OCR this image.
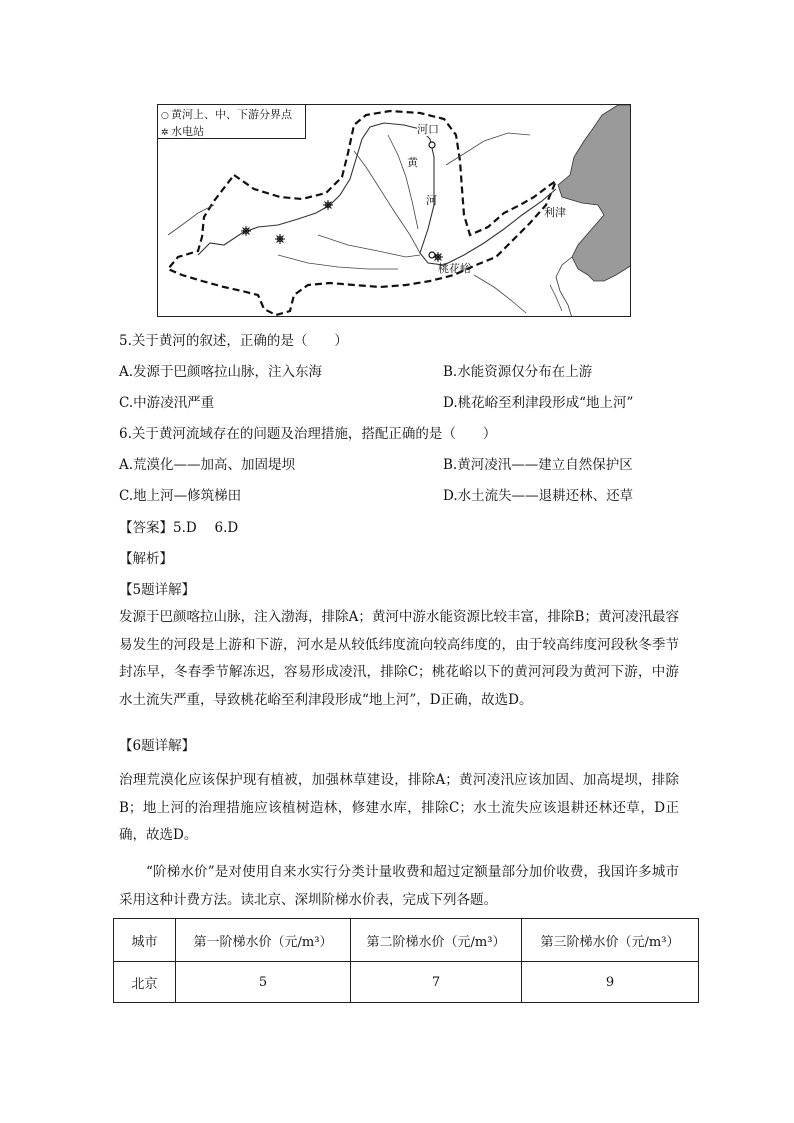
○ 黄河上、中、下游分界点
✲ 水电站	河口
黄
河
利津
桃花峪
5.关于黄河的叙述，正确的是（　　）
A.发源于巴颜喀拉山脉，注入东海	B.水能资源仅分布在上游
C.中游凌汛严重	D.桃花峪至利津段形成“地上河”
6.关于黄河流域存在的问题及治理措施，搭配正确的是（　　）
A.荒漠化——加高、加固堤坝	B.黄河凌汛——建立自然保护区
C.地上河—修筑梯田	D.水土流失——退耕还林、还草
【答案】5.D　 6.D
【解析】
【5题详解】
发源于巴颜喀拉山脉，注入渤海，排除A；黄河中游水能资源比较丰富，排除B；黄河凌汛最容易发生的河段是上游和下游，河水是从较低纬度流向较高纬度的，由于较高纬度河段秋冬季节封冻早，冬春季节解冻迟，容易形成凌汛，排除C；桃花峪以下的黄河河段为黄河下游，中游水土流失严重，导致桃花峪至利津段形成“地上河”，D正确，故选D。
【6题详解】
治理荒漠化应该保护现有植被，加强林草建设，排除A；黄河凌汛应该加固、加高堤坝，排除B；地上河的治理措施应该植树造林，修建水库，排除C；水土流失应该退耕还林还草，D正确，故选D。
“阶梯水价”是对使用自来水实行分类计量收费和超过定额量部分加价收费，我国许多城市采用这种计费方法。读北京、深圳阶梯水价表，完成下列各题。
城市	第一阶梯水价（元/m³）	第二阶梯水价（元/m³）	第三阶梯水价（元/m³）
北京	5	7	9
